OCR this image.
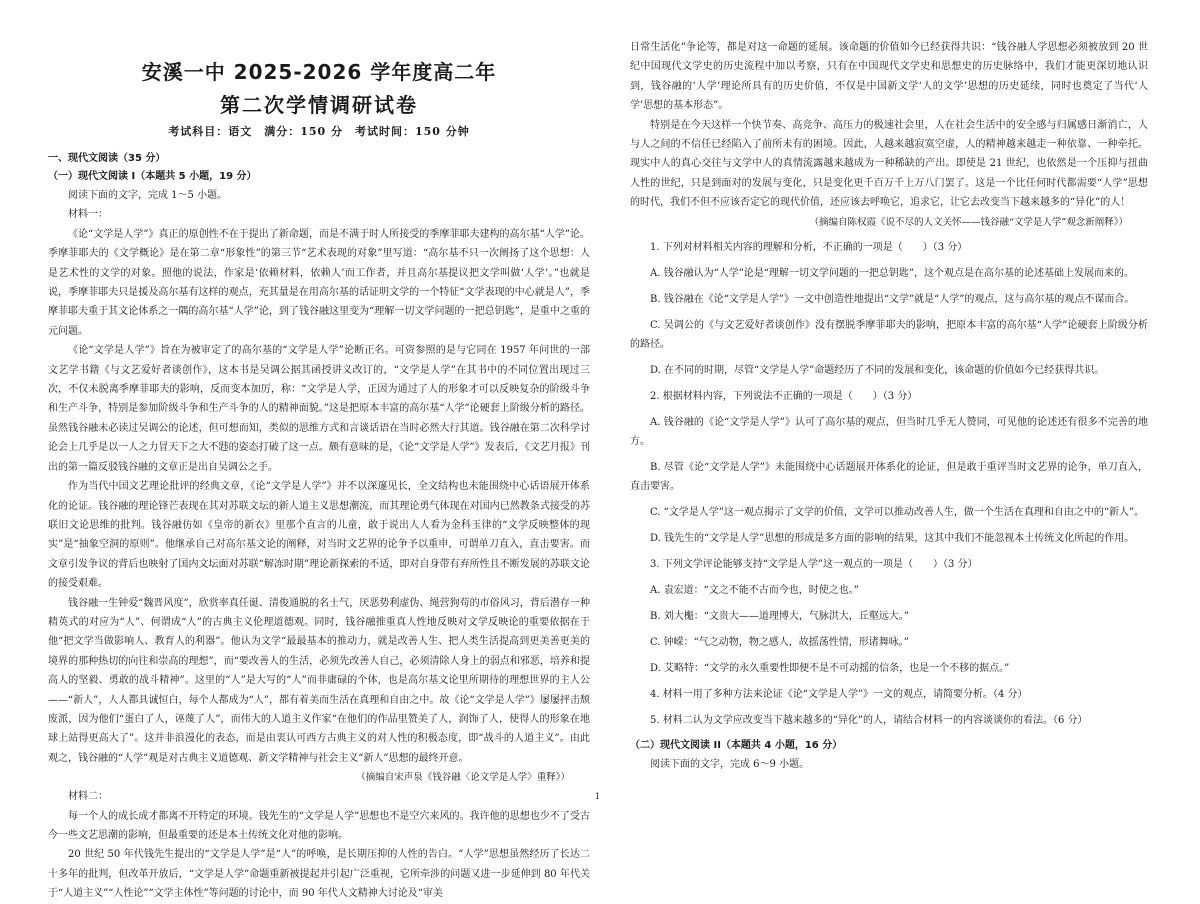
安溪一中 2025-2026 学年度高二年
第二次学情调研试卷
考试科目：语文　满分：150 分　考试时间：150 分钟

一、现代文阅读（35 分）

（一）现代文阅读 I（本题共 5 小题，19 分）

阅读下面的文字，完成 1～5 小题。

材料一：

《论“文学是人学”》真正的原创性不在于提出了新命题，而是不满于时人所接受的季摩菲耶夫建构的高尔基“人学”论。季摩菲耶夫的《文学概论》是在第二章“形象性”的第三节“艺术表现的对象”里写道：“高尔基不只一次阐扬了这个思想：人是艺术性的文学的对象。照他的说法，作家是‘依赖材料，依赖人’而工作者，并且高尔基提议把文学叫做‘人学’。”也就是说，季摩菲耶夫只是援及高尔基有这样的观点，充其量是在用高尔基的话证明文学的一个特征“文学表现的中心就是人”，季摩菲耶夫重于其文论体系之一隅的高尔基“人学”论，到了钱谷融这里变为“理解一切文学问题的一把总钥匙”，是重中之重的元问题。

《论“文学是人学”》旨在为被审定了的高尔基的“文学是人学”论断正名。可资参照的是与它同在 1957 年问世的一部文艺学书籍《与文艺爱好者谈创作》，这本书是吴调公据其函授讲义改订的，“文学是人学”在其书中的不同位置出现过三次，不仅未脱离季摩菲耶夫的影响，反而变本加厉，称：“文学是人学，正因为通过了人的形象才可以反映复杂的阶级斗争和生产斗争，特别是参加阶级斗争和生产斗争的人的精神面貌。”这是把原本丰富的高尔基“人学”论硬套上阶级分析的路径。虽然钱谷融未必读过吴调公的论述，但可想而知，类似的思维方式和言谈话语在当时必然大行其道。钱谷融在第二次科学讨论会上几乎是以一人之力冒天下之大不韪的姿态打破了这一点。颇有意味的是，《论“文学是人学”》发表后，《文艺月报》刊出的第一篇反驳钱谷融的文章正是出自吴调公之手。

作为当代中国文艺理论批评的经典文章，《论“文学是人学”》并不以深邃见长，全文结构也未能围绕中心话语展开体系化的论证。钱谷融的理论锋芒表现在其对苏联文坛的新人道主义思想潮流，而其理论勇气体现在对国内已然教条式接受的苏联旧文论思维的批判。钱谷融仿如《皇帝的新衣》里那个直言的儿童，敢于说出人人看为金科玉律的“文学反映整体的现实”是“抽象空洞的原则”。他继承自己对高尔基文论的阐释，对当时文艺界的论争予以重申，可谓单刀直入，直击要害。而文章引发争议的背后也映射了国内文坛面对苏联“解冻时期”理论新探索的不适，即对自身带有弃所性且不断发展的苏联文论的接受艰难。

钱谷融一生钟爱“魏晋风度”，欣赏率真任诞、清俊通脱的名士气，厌恶势利虚伪、绳营狗苟的市俗风习，背后潜存一种精英式的对应为“人”、何谓成“人”的古典主义伦理道德观。同时，钱谷融推重真人性地反映对文学反映论的重要依据在于他“把文学当做影响人、教育人的利器”。他认为文学“最最基本的推动力，就是改善人生、把人类生活提高到更美善更美的境界的那种热切的向往和崇高的理想”，而“要改善人的生活，必须先改善人自己，必须清除人身上的弱点和邪恶，培养和提高人的坚毅、勇敢的战斗精神”。这里的“人”是大写的“人”而非庸碌的个体，也是高尔基文论里所期待的理想世界的主人公——“新人”，人人都具诚恒白，每个人都成为“人”，都有着美而生活在真理和自由之中。故《论“文学是人学”》屡屡抨击颓废派，因为他们“蛋白了人，诬蔑了人”，而伟大的人道主义作家“在他们的作品里赞美了人，润饰了人，使得人的形象在地球上站得更高大了”。这并非浪漫化的表态，而是由衷认可西方古典主义的对人性的积极态度，即“战斗的人道主义”。由此观之，钱谷融的“人学”观是对古典主义道德观、新文学精神与社会主义“新人”思想的最终开意。

（摘编自宋声泉《钱谷融〈论文学是人学〉重释》）

材料二：

每一个人的成长成才都离不开特定的环境。钱先生的“文学是人学”思想也不是空穴来风的。我许他的思想也少不了受古今一些文艺思潮的影响，但最重要的还是本土传统文化对他的影响。

20 世纪 50 年代钱先生提出的“文学是人学”是“人”的呼唤，是长期压抑的人性的告白。“人学”思想虽然经历了长达二十多年的批判，但改革开放后，“文学是人学”命题重新被提起并引起广泛重视，它所牵涉的问题又进一步延伸到 80 年代关于“人道主义”“人性论”“文学主体性”等问题的讨论中，而 90 年代人文精神大讨论及“审美

日常生活化”争论等，都是对这一命题的延展。该命题的价值如今已经获得共识：“钱谷融人学思想必须被放到 20 世纪中国现代文学史的历史流程中加以考察，只有在中国现代文学史和思想史的历史脉络中，我们才能更深切地认识到，钱谷融的‘人学’理论所具有的历史价值，不仅是中国新文学‘人的文学’思想的历史延续，同时也奠定了当代‘人学’思想的基本形态”。

特别是在今天这样一个快节奏、高竞争、高压力的极速社会里，人在社会生活中的安全感与归属感日渐消亡，人与人之间的不信任已经陷入了前所未有的困境。因此，人越来越寂寞空虚，人的精神越来越走一种依靠、一种牵托。现实中人的真心交往与文学中人的真情流露越来越成为一种稀缺的产出。即使是 21 世纪，也依然是一个压抑与扭曲人性的世纪，只是到面对的发展与变化，只是变化更千百万千上万八门罢了。这是一个比任何时代都需要“人学”思想的时代，我们不但不应该否定它的现代价值，还应该去呼唤它，追求它，让它去改变当下越来越多的“异化”的人！

（摘编自陈权霞《说不尽的人文关怀——钱谷融“文学是人学”观念新阐释》）

1. 下列对材料相关内容的理解和分析，不正确的一项是（　　）（3 分）

A. 钱谷融认为“人学”论是“理解一切文学问题的一把总钥匙”，这个观点是在高尔基的论述基础上发展而来的。

B. 钱谷融在《论“文学是人学”》一文中创造性地提出“文学”就是“人学”的观点，这与高尔基的观点不谋而合。

C. 吴调公的《与文艺爱好者谈创作》没有摆脱季摩菲耶夫的影响，把原本丰富的高尔基“人学”论硬套上阶级分析的路径。

D. 在不同的时期，尽管“文学是人学”命题经历了不同的发展和变化，该命题的价值如今已经获得共识。

2. 根据材料内容，下列说法不正确的一项是（　　）（3 分）

A. 钱谷融的《论“文学是人学”》认可了高尔基的观点，但当时几乎无人赞同，可见他的论述还有很多不完善的地方。

B. 尽管《论“文学是人学”》未能围绕中心话题展开体系化的论证，但是敢于重评当时文艺界的论争，单刀直入，直击要害。

C. “文学是人学”这一观点揭示了文学的价值，文学可以推动改善人生，做一个生活在真理和自由之中的“新人”。

D. 钱先生的“文学是人学”思想的形成是多方面的影响的结果，这其中我们不能忽视本土传统文化所起的作用。

3. 下列文学评论能够支持“文学是人学”这一观点的一项是（　　）（3 分）

A. 袁宏道：“文之不能不古而今也，时使之也。”

B. 刘大櫆：“文贵大——道理博大，气脉洪大，丘壑远大。”

C. 钟嵘：“气之动物，物之感人，故摇荡性情，形诸舞咏。”

D. 艾略特：“文学的永久重要性即便不是不可动摇的信条，也是一个不移的据点。”

4. 材料一用了多种方法来论证《论“文学是人学”》一文的观点，请简要分析。（4 分）

5. 材料二认为文学应改变当下越来越多的“异化”的人，请结合材料一的内容谈谈你的看法。（6 分）

（二）现代文阅读 II（本题共 4 小题，16 分）

阅读下面的文字，完成 6～9 小题。

1
